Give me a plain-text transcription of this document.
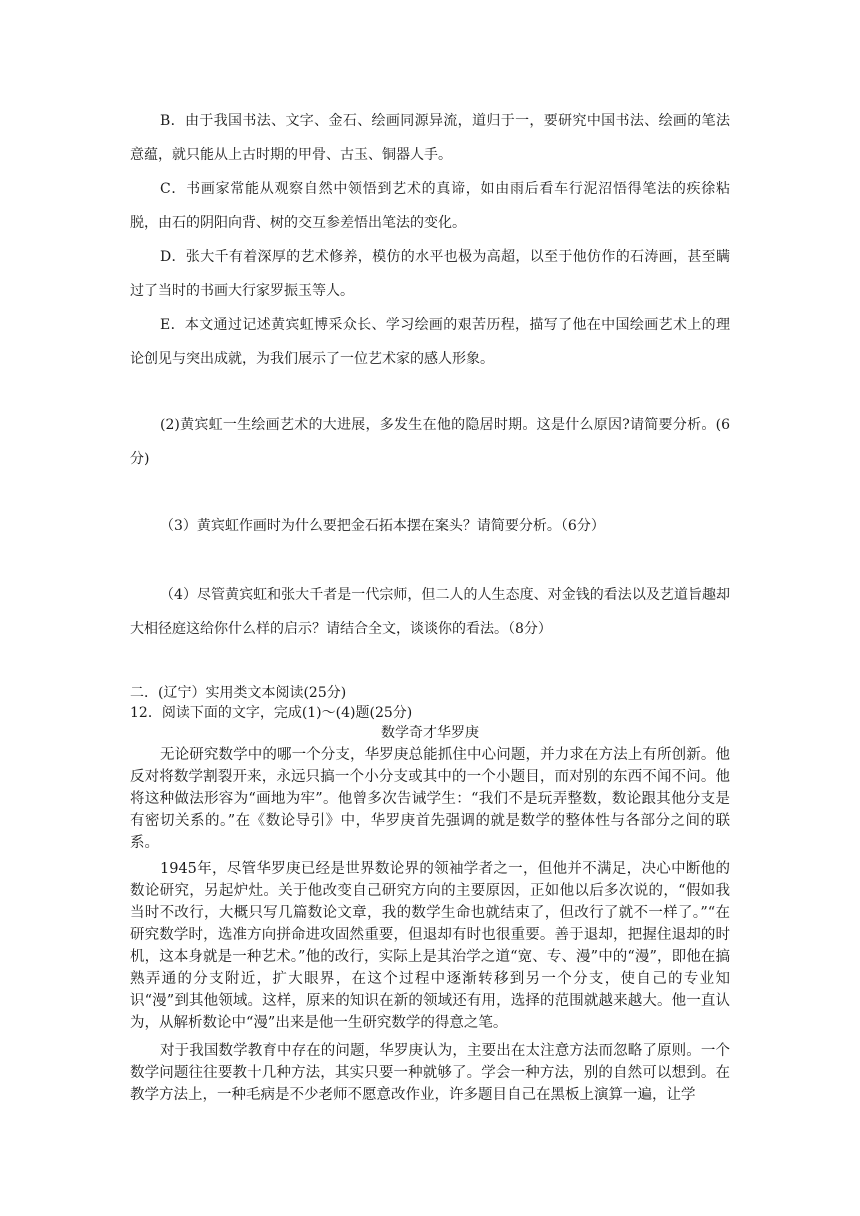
B．由于我国书法、文字、金石、绘画同源异流，道归于一，要研究中国书法、绘画的笔法意蕴，就只能从上古时期的甲骨、古玉、铜器人手。

C．书画家常能从观察自然中领悟到艺术的真谛，如由雨后看车行泥沼悟得笔法的疾徐粘脱，由石的阴阳向背、树的交互参差悟出笔法的变化。

D．张大千有着深厚的艺术修养，模仿的水平也极为高超，以至于他仿作的石涛画，甚至瞒过了当时的书画大行家罗振玉等人。

E．本文通过记述黄宾虹博采众长、学习绘画的艰苦历程，描写了他在中国绘画艺术上的理论创见与突出成就，为我们展示了一位艺术家的感人形象。

(2)黄宾虹一生绘画艺术的大进展，多发生在他的隐居时期。这是什么原因?请简要分析。(6分)

（3）黄宾虹作画时为什么要把金石拓本摆在案头？请简要分析。（6分）

（4）尽管黄宾虹和张大千者是一代宗师，但二人的人生态度、对金钱的看法以及艺道旨趣却大相径庭这给你什么样的启示？请结合全文，谈谈你的看法。（8分）

二．(辽宁）实用类文本阅读(25分)
12．阅读下面的文字，完成(1)～(4)题(25分)
数学奇才华罗庚

无论研究数学中的哪一个分支，华罗庚总能抓住中心问题，并力求在方法上有所创新。他反对将数学割裂开来，永远只搞一个小分支或其中的一个小题目，而对别的东西不闻不问。他将这种做法形容为“画地为牢”。他曾多次告诫学生：“我们不是玩弄整数，数论跟其他分支是有密切关系的。”在《数论导引》中，华罗庚首先强调的就是数学的整体性与各部分之间的联系。

1945年，尽管华罗庚已经是世界数论界的领袖学者之一，但他并不满足，决心中断他的数论研究，另起炉灶。关于他改变自己研究方向的主要原因，正如他以后多次说的，“假如我当时不改行，大概只写几篇数论文章，我的数学生命也就结束了，但改行了就不一样了。”“在研究数学时，选准方向拼命进攻固然重要，但退却有时也很重要。善于退却，把握住退却的时机，这本身就是一种艺术。”他的改行，实际上是其治学之道“宽、专、漫”中的“漫”，即他在搞熟弄通的分支附近，扩大眼界，在这个过程中逐渐转移到另一个分支，使自己的专业知识“漫”到其他领域。这样，原来的知识在新的领域还有用，选择的范围就越来越大。他一直认为，从解析数论中“漫”出来是他一生研究数学的得意之笔。

对于我国数学教育中存在的问题，华罗庚认为，主要出在太注意方法而忽略了原则。一个数学问题往往要教十几种方法，其实只要一种就够了。学会一种方法，别的自然可以想到。在教学方法上，一种毛病是不少老师不愿意改作业，许多题目自己在黑板上演算一遍，让学
